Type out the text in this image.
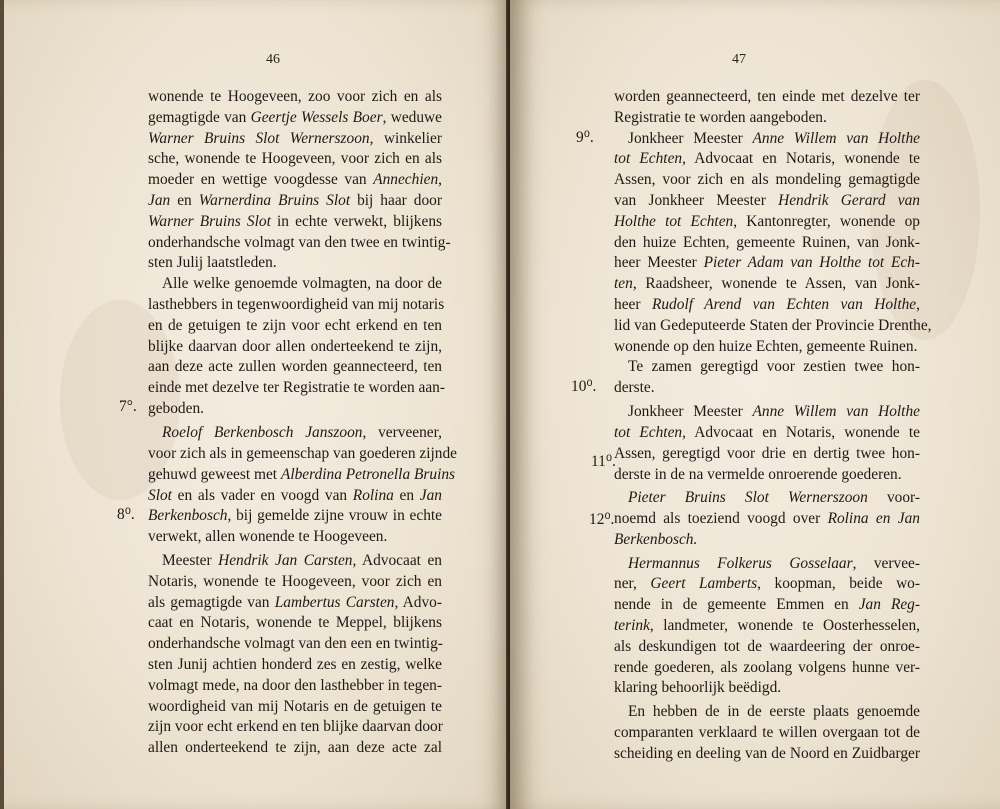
46
7°.
8⁰.
wonende te Hoogeveen, zoo voor zich en als
gemagtigde van Geertje Wessels Boer, weduwe
Warner Bruins Slot Wernerszoon, winkelier
sche, wonende te Hoogeveen, voor zich en als
moeder en wettige voogdesse van Annechien,
Jan en Warnerdina Bruins Slot bij haar door
Warner Bruins Slot in echte verwekt, blijkens
onderhandsche volmagt van den twee en twintig-
sten Julij laatstleden.
Alle welke genoemde volmagten, na door de
lasthebbers in tegenwoordigheid van mij notaris
en de getuigen te zijn voor echt erkend en ten
blijke daarvan door allen onderteekend te zijn,
aan deze acte zullen worden geannecteerd, ten
einde met dezelve ter Registratie te worden aan-
geboden.
Roelof Berkenbosch Janszoon, verveener,
voor zich als in gemeenschap van goederen zijnde
gehuwd geweest met Alberdina Petronella Bruins
Slot en als vader en voogd van Rolina en Jan
Berkenbosch, bij gemelde zijne vrouw in echte
verwekt, allen wonende te Hoogeveen.
Meester Hendrik Jan Carsten, Advocaat en
Notaris, wonende te Hoogeveen, voor zich en
als gemagtigde van Lambertus Carsten, Advo-
caat en Notaris, wonende te Meppel, blijkens
onderhandsche volmagt van den een en twintig-
sten Junij achtien honderd zes en zestig, welke
volmagt mede, na door den lasthebber in tegen-
woordigheid van mij Notaris en de getuigen te
zijn voor echt erkend en ten blijke daarvan door
allen onderteekend te zijn, aan deze acte zal
47
9⁰.
10⁰.
11⁰.
12⁰.
worden geannecteerd, ten einde met dezelve ter
Registratie te worden aangeboden.
Jonkheer Meester Anne Willem van Holthe
tot Echten, Advocaat en Notaris, wonende te
Assen, voor zich en als mondeling gemagtigde
van Jonkheer Meester Hendrik Gerard van
Holthe tot Echten, Kantonregter, wonende op
den huize Echten, gemeente Ruinen, van Jonk-
heer Meester Pieter Adam van Holthe tot Ech-
ten, Raadsheer, wonende te Assen, van Jonk-
heer Rudolf Arend van Echten van Holthe,
lid van Gedeputeerde Staten der Provincie Drenthe,
wonende op den huize Echten, gemeente Ruinen.
Te zamen geregtigd voor zestien twee hon-
derste.
Jonkheer Meester Anne Willem van Holthe
tot Echten, Advocaat en Notaris, wonende te
Assen, geregtigd voor drie en dertig twee hon-
derste in de na vermelde onroerende goederen.
Pieter Bruins Slot Wernerszoon voor-
noemd als toeziend voogd over Rolina en Jan
Berkenbosch.
Hermannus Folkerus Gosselaar, verveе-
ner, Geert Lamberts, koopman, beide wo-
nende in de gemeente Emmen en Jan Reg-
terink, landmeter, wonende te Oosterhesselen,
als deskundigen tot de waardeering der onroe-
rende goederen, als zoolang volgens hunne ver-
klaring behoorlijk beëdigd.
En hebben de in de eerste plaats genoemde
comparanten verklaard te willen overgaan tot de
scheiding en deeling van de Noord en Zuidbarger
